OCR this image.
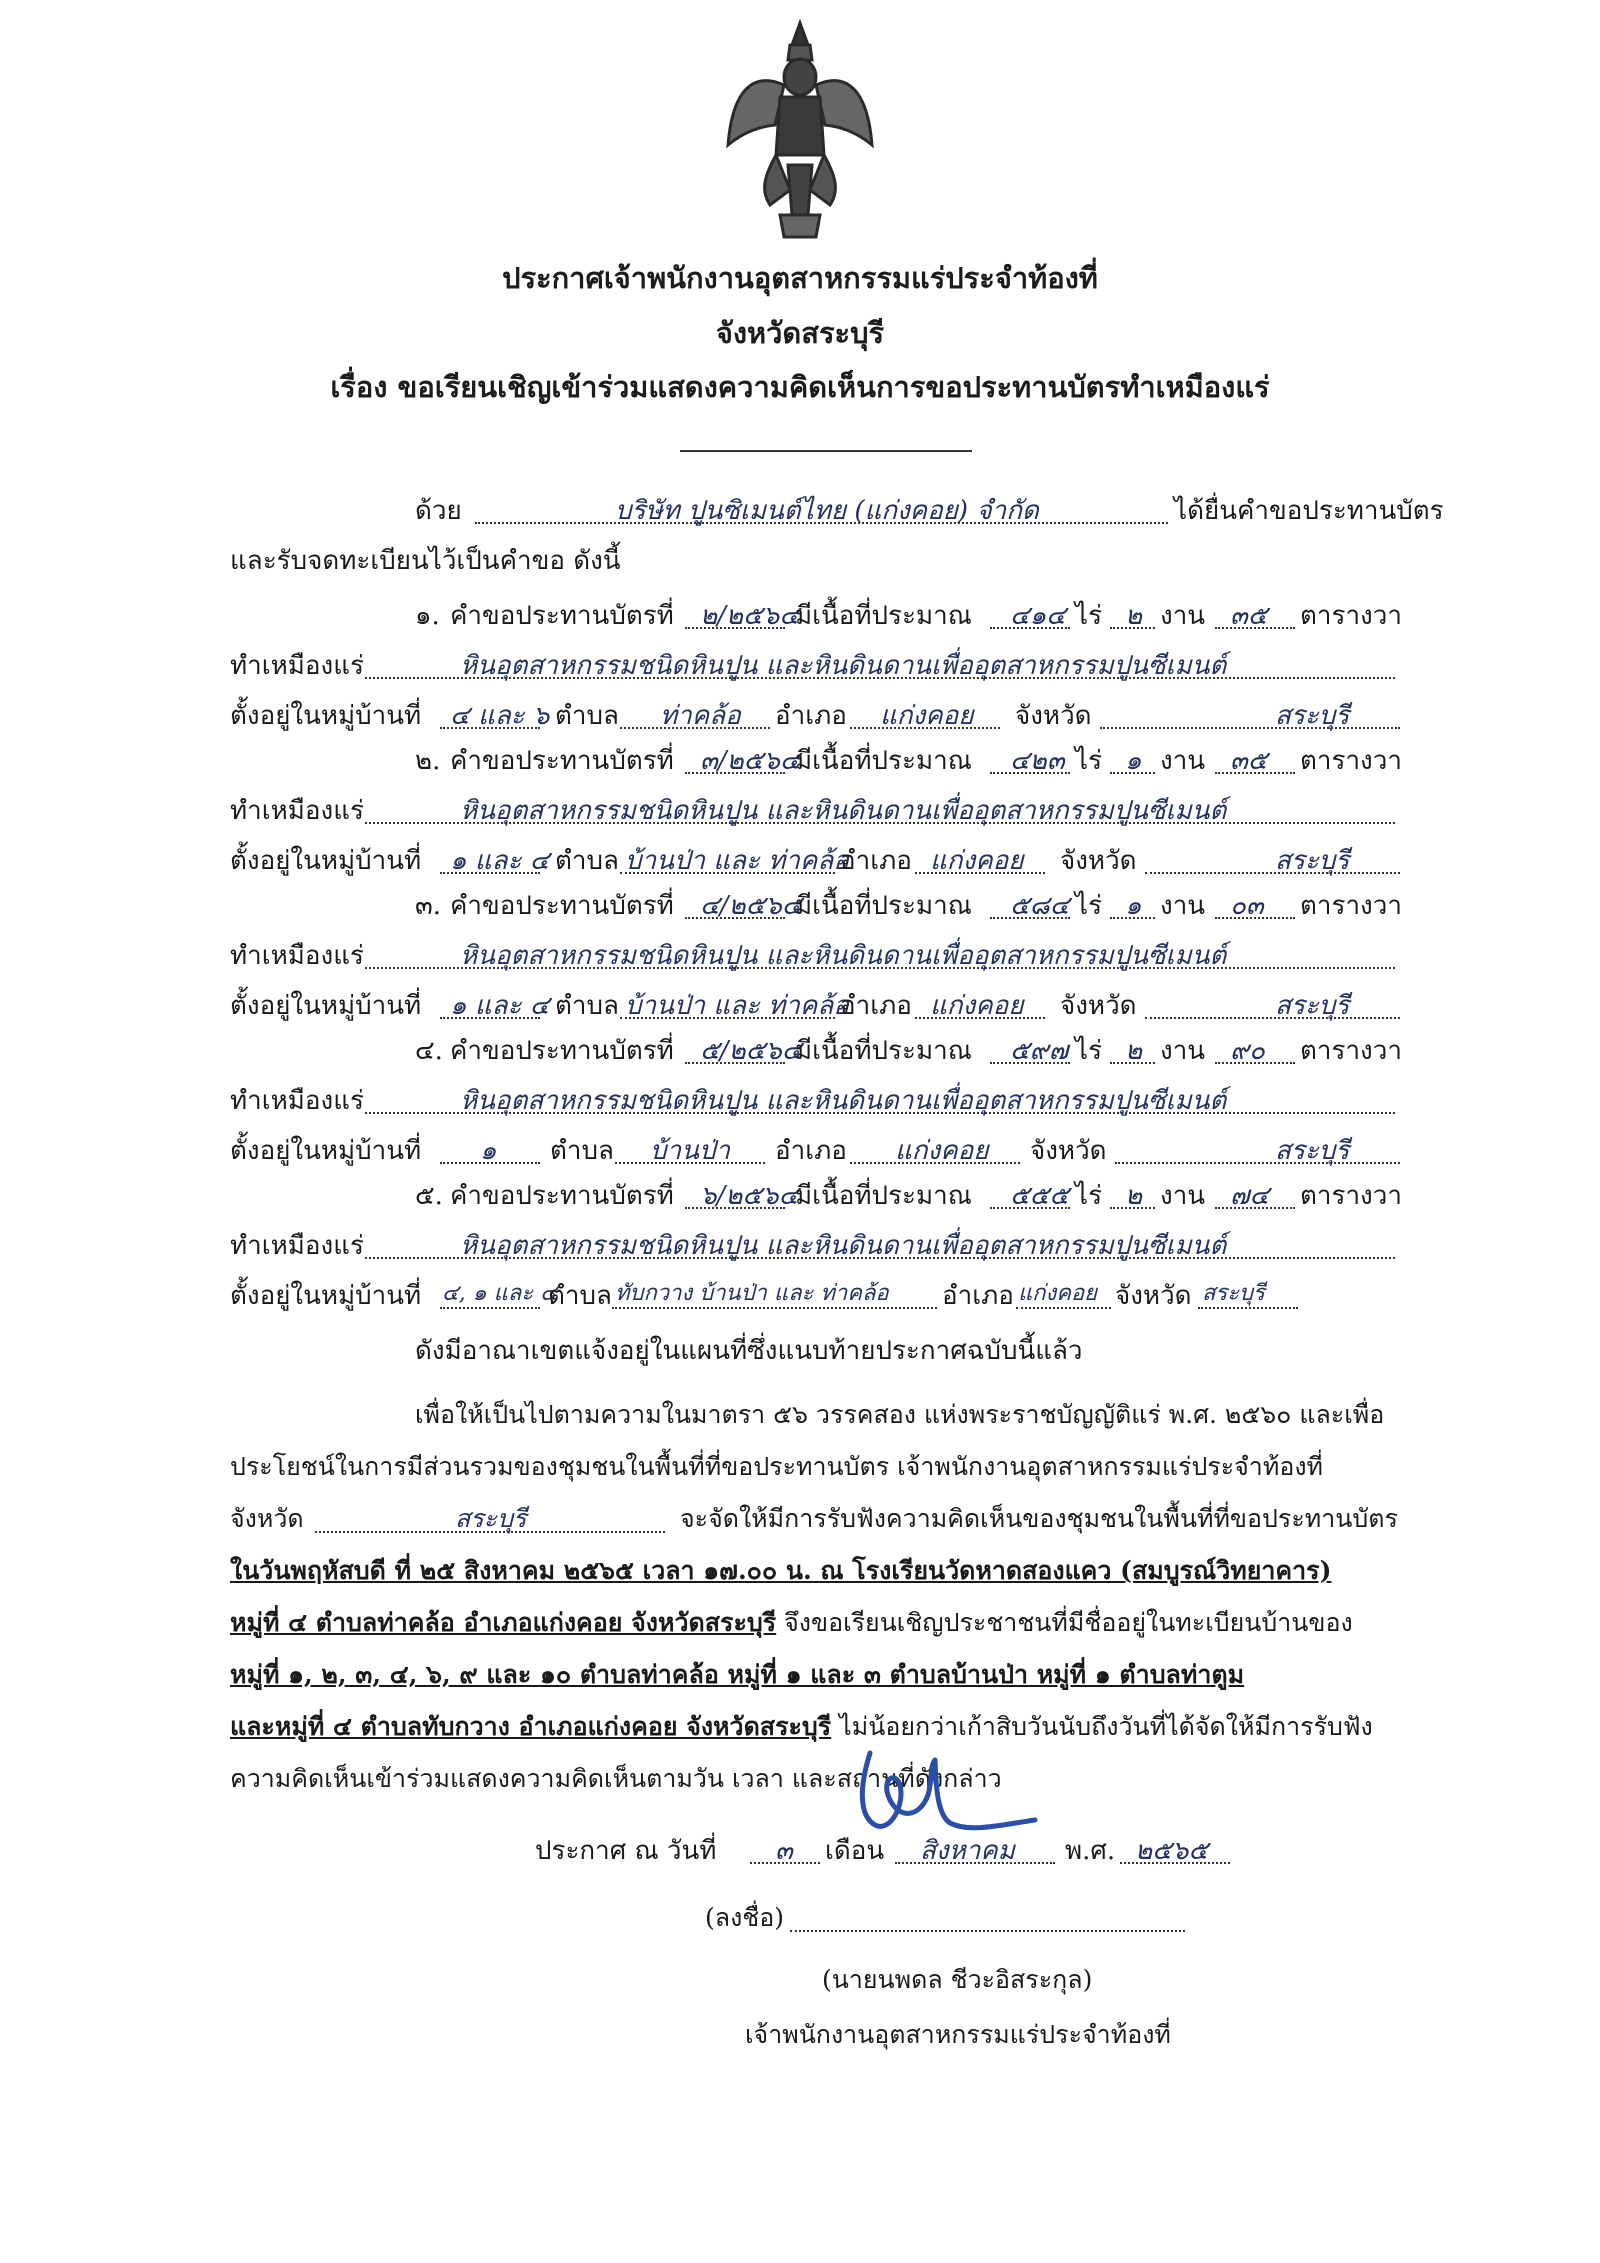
ประกาศเจ้าพนักงานอุตสาหกรรมแร่ประจำท้องที่
จังหวัดสระบุรี
เรื่อง ขอเรียนเชิญเข้าร่วมแสดงความคิดเห็นการขอประทานบัตรทำเหมืองแร่
ด้วย	บริษัท ปูนซิเมนต์ไทย (แก่งคอย) จำกัด	ได้ยื่นคำขอประทานบัตร
และรับจดทะเบียนไว้เป็นคำขอ ดังนี้
๑. คำขอประทานบัตรที่ ๒/๒๕๖๔
มีเนื้อที่ประมาณ ๔๑๔ ไร่ ๒ งาน ๓๕ ตารางวา
ทำเหมืองแร่	หินอุตสาหกรรมชนิดหินปูน และหินดินดานเพื่ออุตสาหกรรมปูนซีเมนต์
ตั้งอยู่ในหมู่บ้านที่ ๔ และ ๖ ตำบล ท่าคล้อ อำเภอ แก่งคอย จังหวัด	สระบุรี
๒. คำขอประทานบัตรที่ ๓/๒๕๖๔
มีเนื้อที่ประมาณ ๔๒๓ ไร่ ๑ งาน ๓๕ ตารางวา
ทำเหมืองแร่	หินอุตสาหกรรมชนิดหินปูน และหินดินดานเพื่ออุตสาหกรรมปูนซีเมนต์
ตั้งอยู่ในหมู่บ้านที่ ๑ และ ๔ ตำบล บ้านป่า และ ท่าคล้อ
อำเภอ แก่งคอย จังหวัด	สระบุรี
๓. คำขอประทานบัตรที่ ๔/๒๕๖๔
มีเนื้อที่ประมาณ ๕๘๔ ไร่ ๑ งาน ๐๓ ตารางวา
ทำเหมืองแร่	หินอุตสาหกรรมชนิดหินปูน และหินดินดานเพื่ออุตสาหกรรมปูนซีเมนต์
ตั้งอยู่ในหมู่บ้านที่ ๑ และ ๔ ตำบล บ้านป่า และ ท่าคล้อ
อำเภอ แก่งคอย จังหวัด	สระบุรี
๔. คำขอประทานบัตรที่ ๕/๒๕๖๔
มีเนื้อที่ประมาณ ๕๙๗ ไร่ ๒ งาน ๙๐ ตารางวา
ทำเหมืองแร่	หินอุตสาหกรรมชนิดหินปูน และหินดินดานเพื่ออุตสาหกรรมปูนซีเมนต์
ตั้งอยู่ในหมู่บ้านที่ ๑ ตำบล บ้านป่า อำเภอ แก่งคอย จังหวัด	สระบุรี
๕. คำขอประทานบัตรที่ ๖/๒๕๖๔
มีเนื้อที่ประมาณ ๕๕๕ ไร่ ๒ งาน ๗๔ ตารางวา
ทำเหมืองแร่	หินอุตสาหกรรมชนิดหินปูน และหินดินดานเพื่ออุตสาหกรรมปูนซีเมนต์
ตั้งอยู่ในหมู่บ้านที่ ๔, ๑ และ ๔
ตำบล ทับกวาง บ้านป่า และ ท่าคล้อ อำเภอ แก่งคอย จังหวัด สระบุรี
ดังมีอาณาเขตแจ้งอยู่ในแผนที่ซึ่งแนบท้ายประกาศฉบับนี้แล้ว
เพื่อให้เป็นไปตามความในมาตรา ๕๖ วรรคสอง แห่งพระราชบัญญัติแร่ พ.ศ. ๒๕๖๐ และเพื่อ
ประโยชน์ในการมีส่วนรวมของชุมชนในพื้นที่ที่ขอประทานบัตร เจ้าพนักงานอุตสาหกรรมแร่ประจำท้องที่
จังหวัด	สระบุรี	จะจัดให้มีการรับฟังความคิดเห็นของชุมชนในพื้นที่ที่ขอประทานบัตร
ในวันพฤหัสบดี ที่ ๒๕ สิงหาคม ๒๕๖๕ เวลา ๑๗.๐๐ น. ณ โรงเรียนวัดหาดสองแคว (สมบูรณ์วิทยาคาร)
หมู่ที่ ๔ ตำบลท่าคล้อ อำเภอแก่งคอย จังหวัดสระบุรี จึงขอเรียนเชิญประชาชนที่มีชื่ออยู่ในทะเบียนบ้านของ
หมู่ที่ ๑, ๒, ๓, ๔, ๖, ๙ และ ๑๐ ตำบลท่าคล้อ หมู่ที่ ๑ และ ๓ ตำบลบ้านป่า หมู่ที่ ๑ ตำบลท่าตูม
และหมู่ที่ ๔ ตำบลทับกวาง อำเภอแก่งคอย จังหวัดสระบุรี ไม่น้อยกว่าเก้าสิบวันนับถึงวันที่ได้จัดให้มีการรับฟัง
ความคิดเห็นเข้าร่วมแสดงความคิดเห็นตามวัน เวลา และสถานที่ดังกล่าว
ประกาศ ณ วันที่ ๓ เดือน สิงหาคม พ.ศ. ๒๕๖๕
(ลงชื่อ)
(นายนพดล ชีวะอิสระกุล)
เจ้าพนักงานอุตสาหกรรมแร่ประจำท้องที่
